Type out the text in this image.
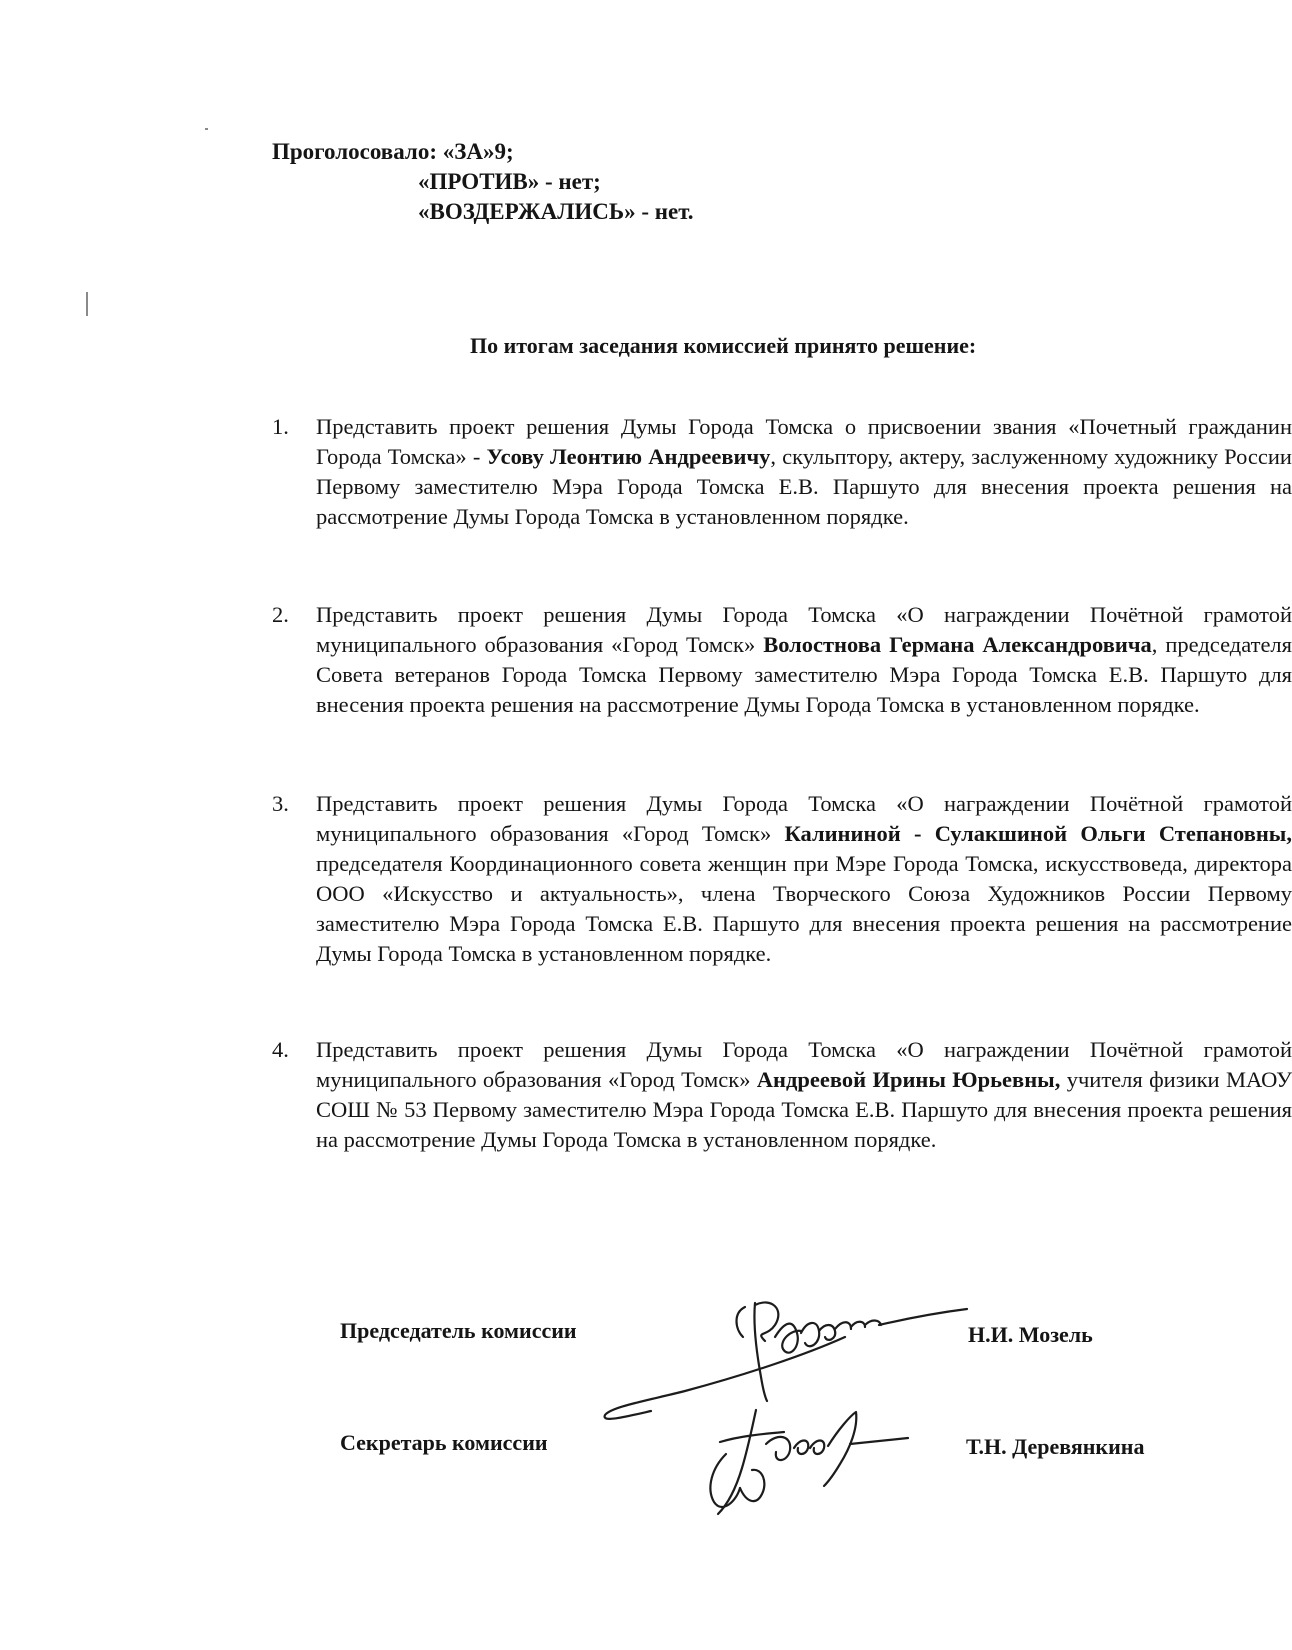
Проголосовало: «ЗА»9;
«ПРОТИВ» - нет;
«ВОЗДЕРЖАЛИСЬ» - нет.
По итогам заседания комиссией принято решение:
1. Представить проект решения Думы Города Томска о присвоении звания «Почетный гражданин Города Томска» - Усову Леонтию Андреевичу, скульптору, актеру, заслуженному художнику России Первому заместителю Мэра Города Томска Е.В. Паршуто для внесения проекта решения на рассмотрение Думы Города Томска в установленном порядке.
2. Представить проект решения Думы Города Томска «О награждении Почётной грамотой муниципального образования «Город Томск» Волостнова Германа Александровича, председателя Совета ветеранов Города Томска Первому заместителю Мэра Города Томска Е.В. Паршуто для внесения проекта решения на рассмотрение Думы Города Томска в установленном порядке.
3. Представить проект решения Думы Города Томска «О награждении Почётной грамотой муниципального образования «Город Томск» Калининой - Сулакшиной Ольги Степановны, председателя Координационного совета женщин при Мэре Города Томска, искусствоведа, директора ООО «Искусство и актуальность», члена Творческого Союза Художников России Первому заместителю Мэра Города Томска Е.В. Паршуто для внесения проекта решения на рассмотрение Думы Города Томска в установленном порядке.
4. Представить проект решения Думы Города Томска «О награждении Почётной грамотой муниципального образования «Город Томск» Андреевой Ирины Юрьевны, учителя физики МАОУ СОШ № 53 Первому заместителю Мэра Города Томска Е.В. Паршуто для внесения проекта решения на рассмотрение Думы Города Томска в установленном порядке.
Председатель комиссии	Н.И. Мозель
Секретарь комиссии	Т.Н. Деревянкина
